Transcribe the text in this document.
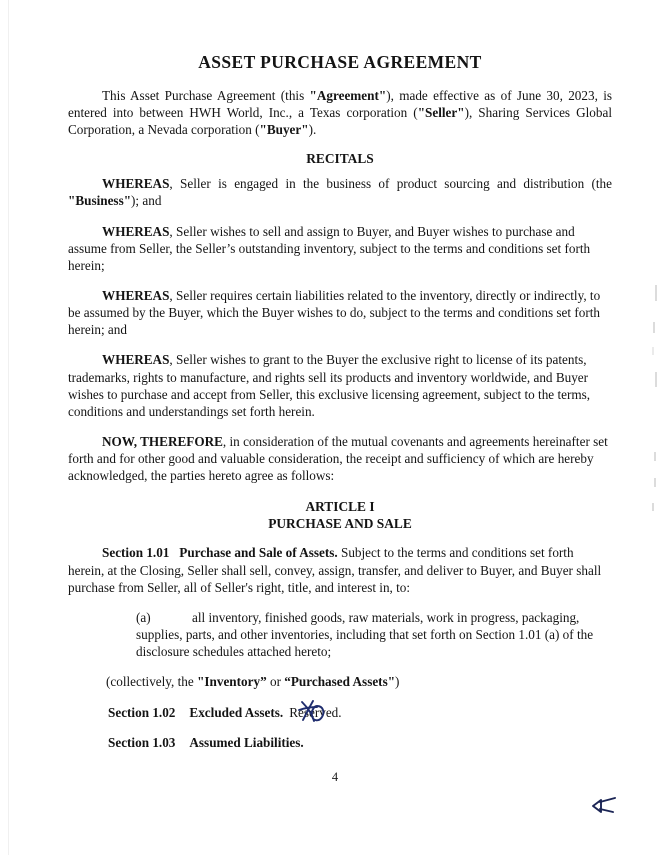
ASSET PURCHASE AGREEMENT

This Asset Purchase Agreement (this "Agreement"), made effective as of June 30, 2023, is entered into between HWH World, Inc., a Texas corporation ("Seller"), Sharing Services Global Corporation, a Nevada corporation ("Buyer").

RECITALS

WHEREAS, Seller is engaged in the business of product sourcing and distribution (the "Business"); and

WHEREAS, Seller wishes to sell and assign to Buyer, and Buyer wishes to purchase and assume from Seller, the Seller’s outstanding inventory, subject to the terms and conditions set forth herein;

WHEREAS, Seller requires certain liabilities related to the inventory, directly or indirectly, to be assumed by the Buyer, which the Buyer wishes to do, subject to the terms and conditions set forth herein; and

WHEREAS, Seller wishes to grant to the Buyer the exclusive right to license of its patents, trademarks, rights to manufacture, and rights sell its products and inventory worldwide, and Buyer wishes to purchase and accept from Seller, this exclusive licensing agreement, subject to the terms, conditions and understandings set forth herein.

NOW, THEREFORE, in consideration of the mutual covenants and agreements hereinafter set forth and for other good and valuable consideration, the receipt and sufficiency of which are hereby acknowledged, the parties hereto agree as follows:

ARTICLE I
PURCHASE AND SALE

Section 1.01 Purchase and Sale of Assets. Subject to the terms and conditions set forth herein, at the Closing, Seller shall sell, convey, assign, transfer, and deliver to Buyer, and Buyer shall purchase from Seller, all of Seller's right, title, and interest in, to:

(a)	all inventory, finished goods, raw materials, work in progress, packaging, supplies, parts, and other inventories, including that set forth on Section 1.01 (a) of the disclosure schedules attached hereto;

(collectively, the "Inventory” or “Purchased Assets")

Section 1.02 Excluded Assets. Reserved.

Section 1.03 Assumed Liabilities.

4
